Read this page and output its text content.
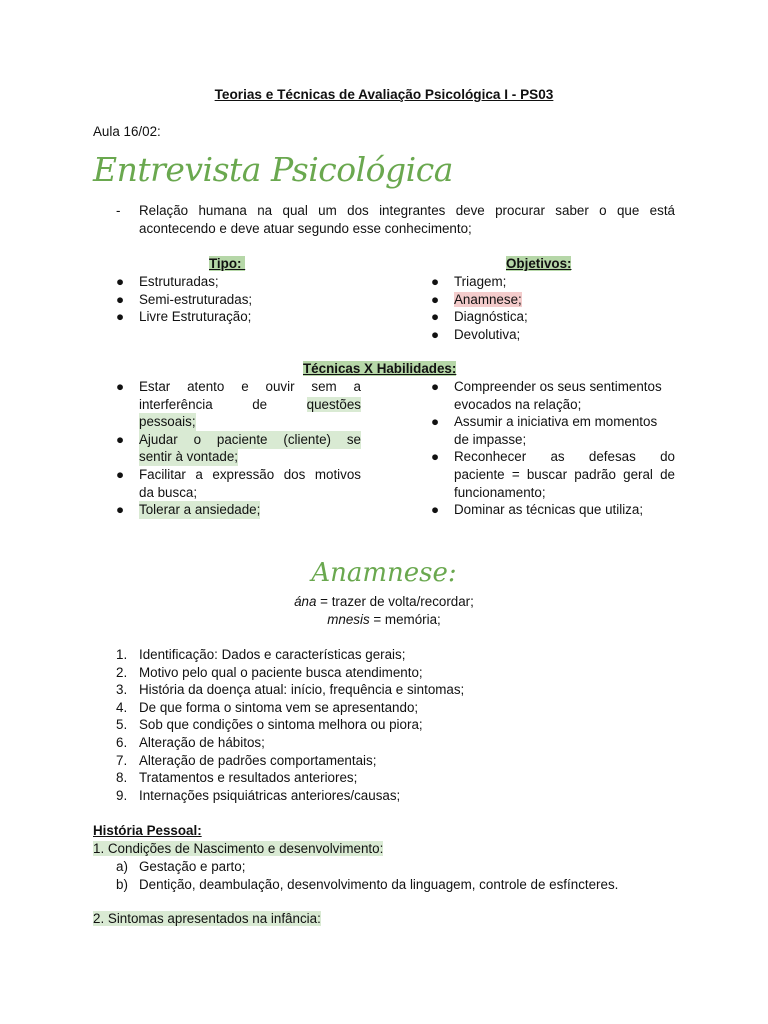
Teorias e Técnicas de Avaliação Psicológica I - PS03
Aula 16/02:
Entrevista Psicológica
- Relação humana na qual um dos integrantes deve procurar saber o que está
acontecendo e deve atuar segundo esse conhecimento;
Tipo:	Objetivos:
Técnicas X Habilidades:
Anamnese:
ána = trazer de volta/recordar;
mnesis = memória;
História Pessoal:
1. Condições de Nascimento e desenvolvimento:
2. Sintomas apresentados na infância:
● Estruturadas;
● Semi-estruturadas;
● Livre Estruturação;
● Triagem;
● Anamnese;
● Diagnóstica;
● Devolutiva;
● Estar atento e ouvir sem a
interferência de questões
pessoais;
● Ajudar o paciente (cliente) se
sentir à vontade;
● Facilitar a expressão dos motivos
da busca;
● Tolerar a ansiedade;
● Compreender os seus sentimentos
evocados na relação;
● Assumir a iniciativa em momentos
de impasse;
● Reconhecer as defesas do
paciente = buscar padrão geral de
funcionamento;
● Dominar as técnicas que utiliza;
1. Identificação: Dados e características gerais;
2. Motivo pelo qual o paciente busca atendimento;
3. História da doença atual: início, frequência e sintomas;
4. De que forma o sintoma vem se apresentando;
5. Sob que condições o sintoma melhora ou piora;
6. Alteração de hábitos;
7. Alteração de padrões comportamentais;
8. Tratamentos e resultados anteriores;
9. Internações psiquiátricas anteriores/causas;
a) Gestação e parto;
b) Dentição, deambulação, desenvolvimento da linguagem, controle de esfíncteres.
